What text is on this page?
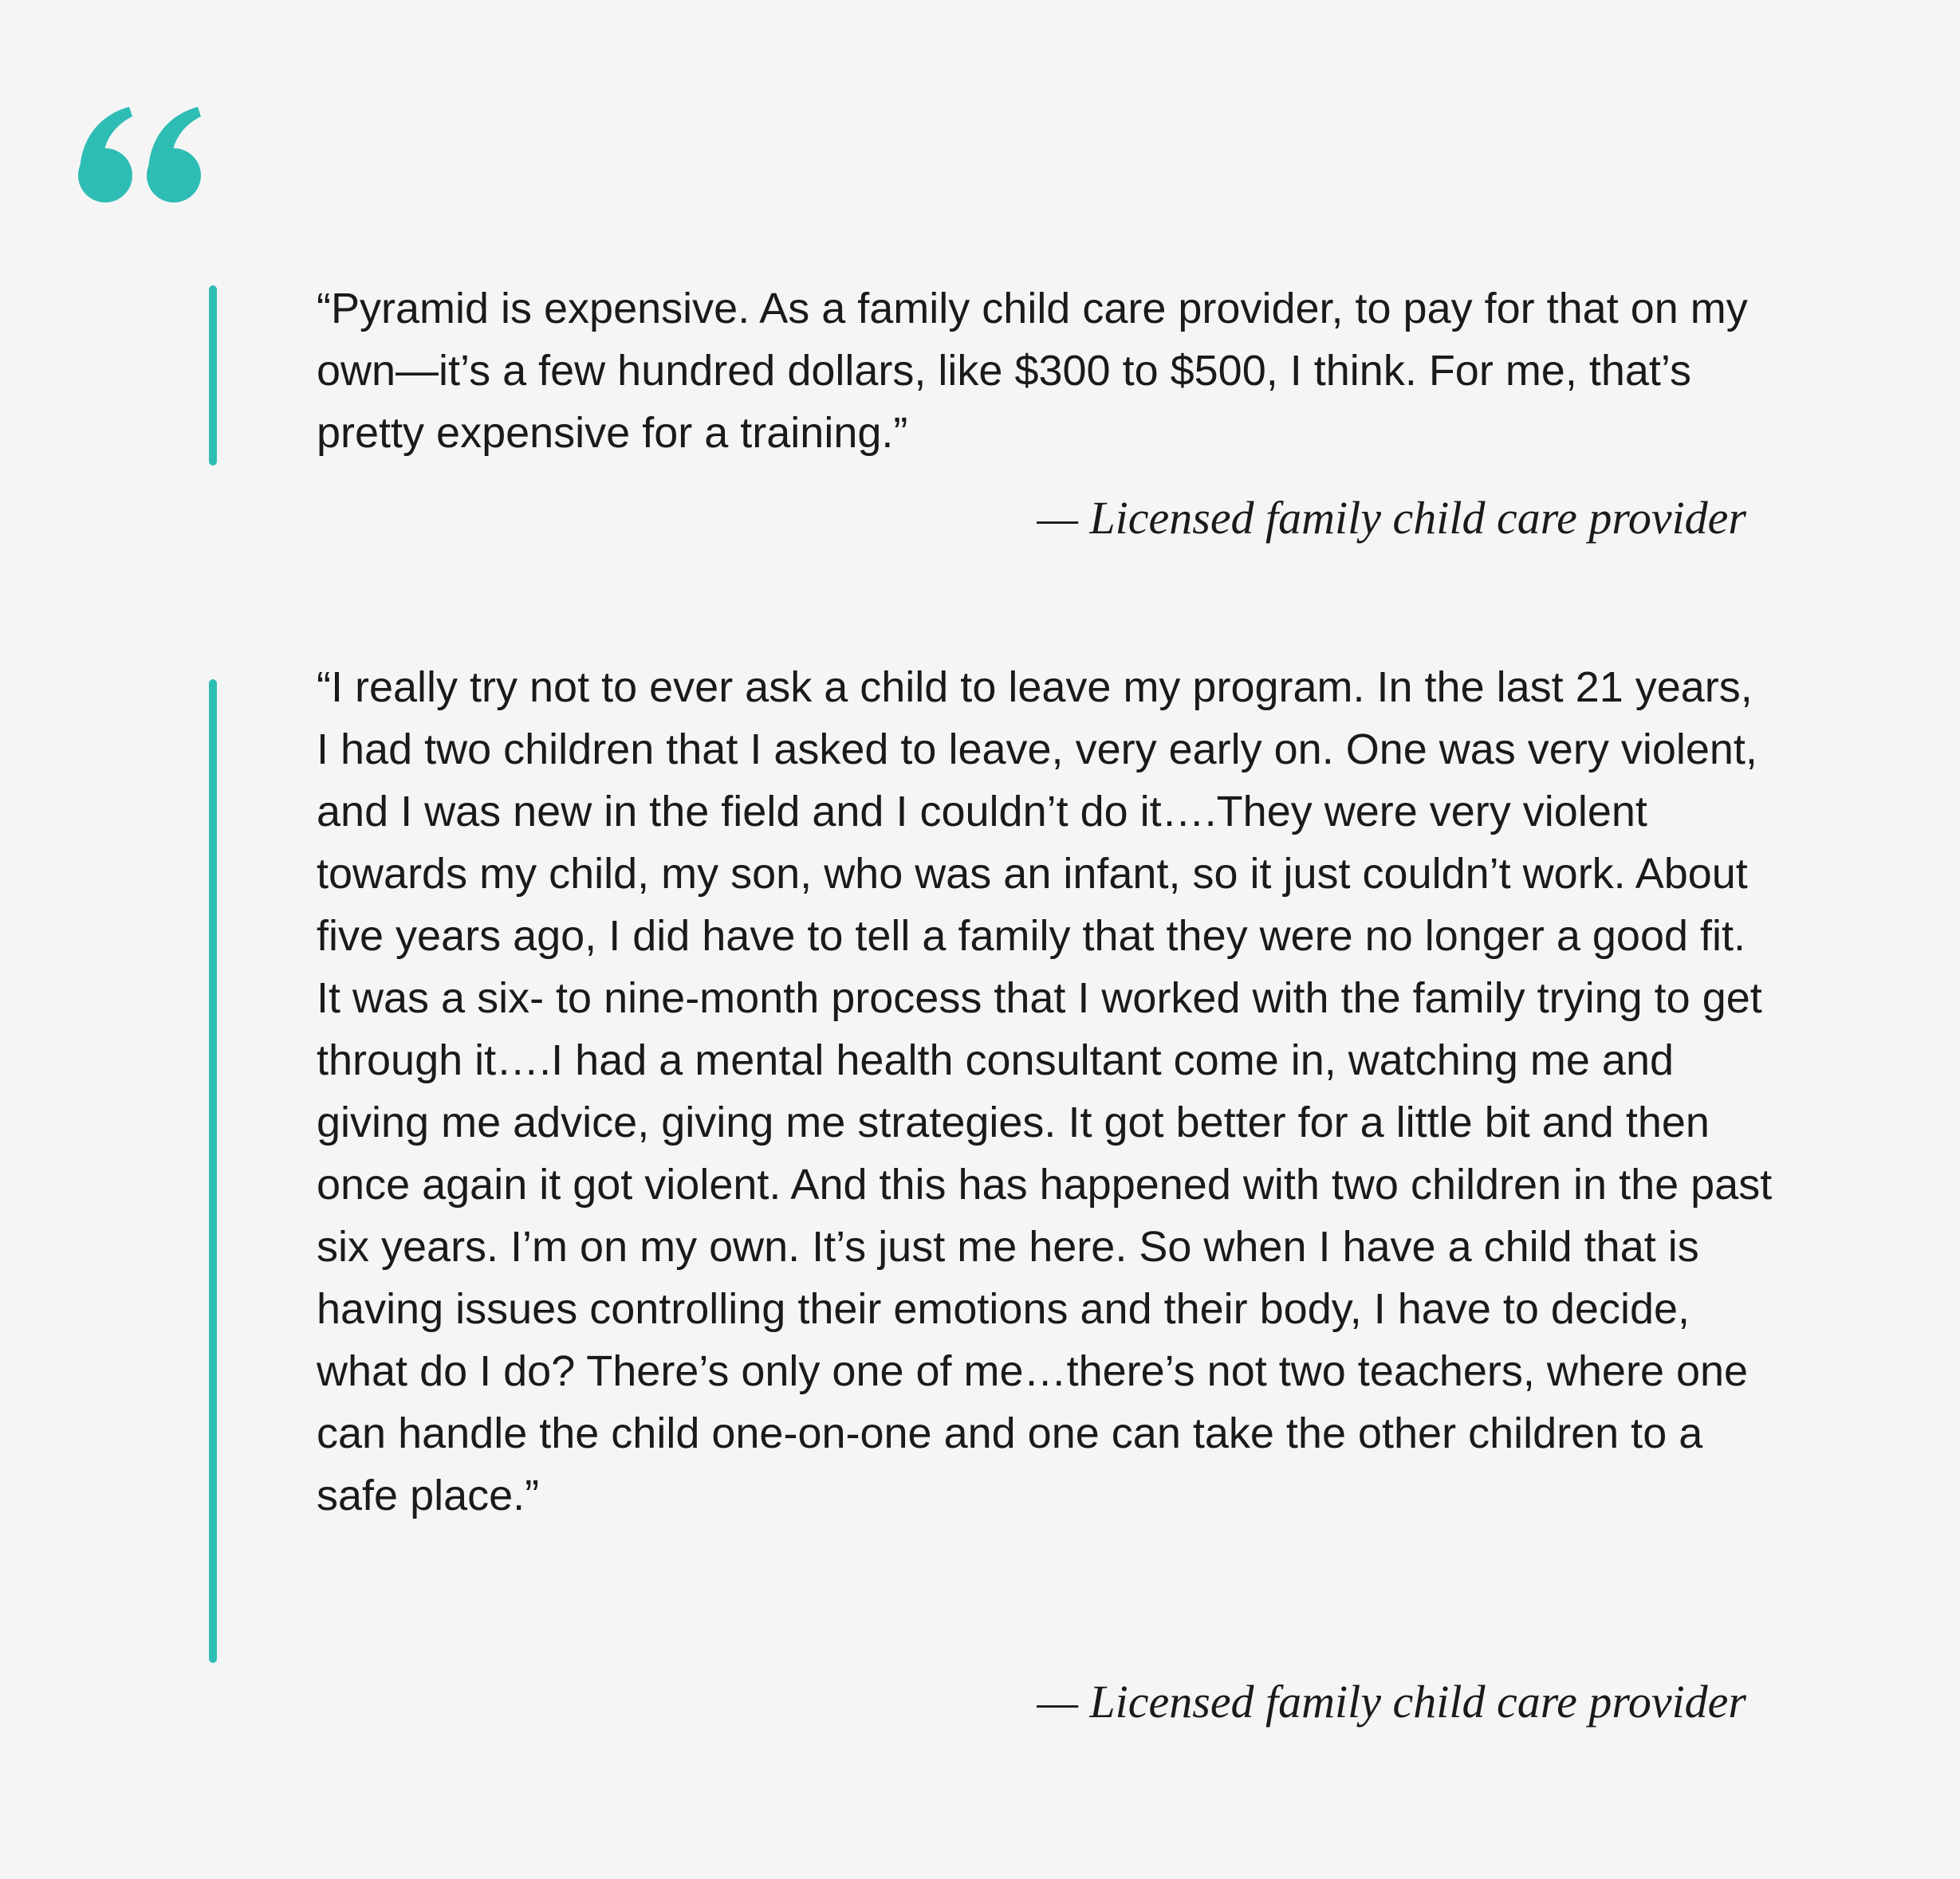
“Pyramid is expensive. As a family child care provider, to pay for that on my own—it’s a few hundred dollars, like $300 to $500, I think. For me, that’s pretty expensive for a training.”

— Licensed family child care provider

“I really try not to ever ask a child to leave my program. In the last 21 years, I had two children that I asked to leave, very early on. One was very violent, and I was new in the field and I couldn’t do it….They were very violent towards my child, my son, who was an infant, so it just couldn’t work. About five years ago, I did have to tell a family that they were no longer a good fit. It was a six- to nine-month process that I worked with the family trying to get through it….I had a mental health consultant come in, watching me and giving me advice, giving me strategies. It got better for a little bit and then once again it got violent. And this has happened with two children in the past six years. I’m on my own. It’s just me here. So when I have a child that is having issues controlling their emotions and their body, I have to decide, what do I do? There’s only one of me…there’s not two teachers, where one can handle the child one-on-one and one can take the other children to a safe place.”

— Licensed family child care provider
